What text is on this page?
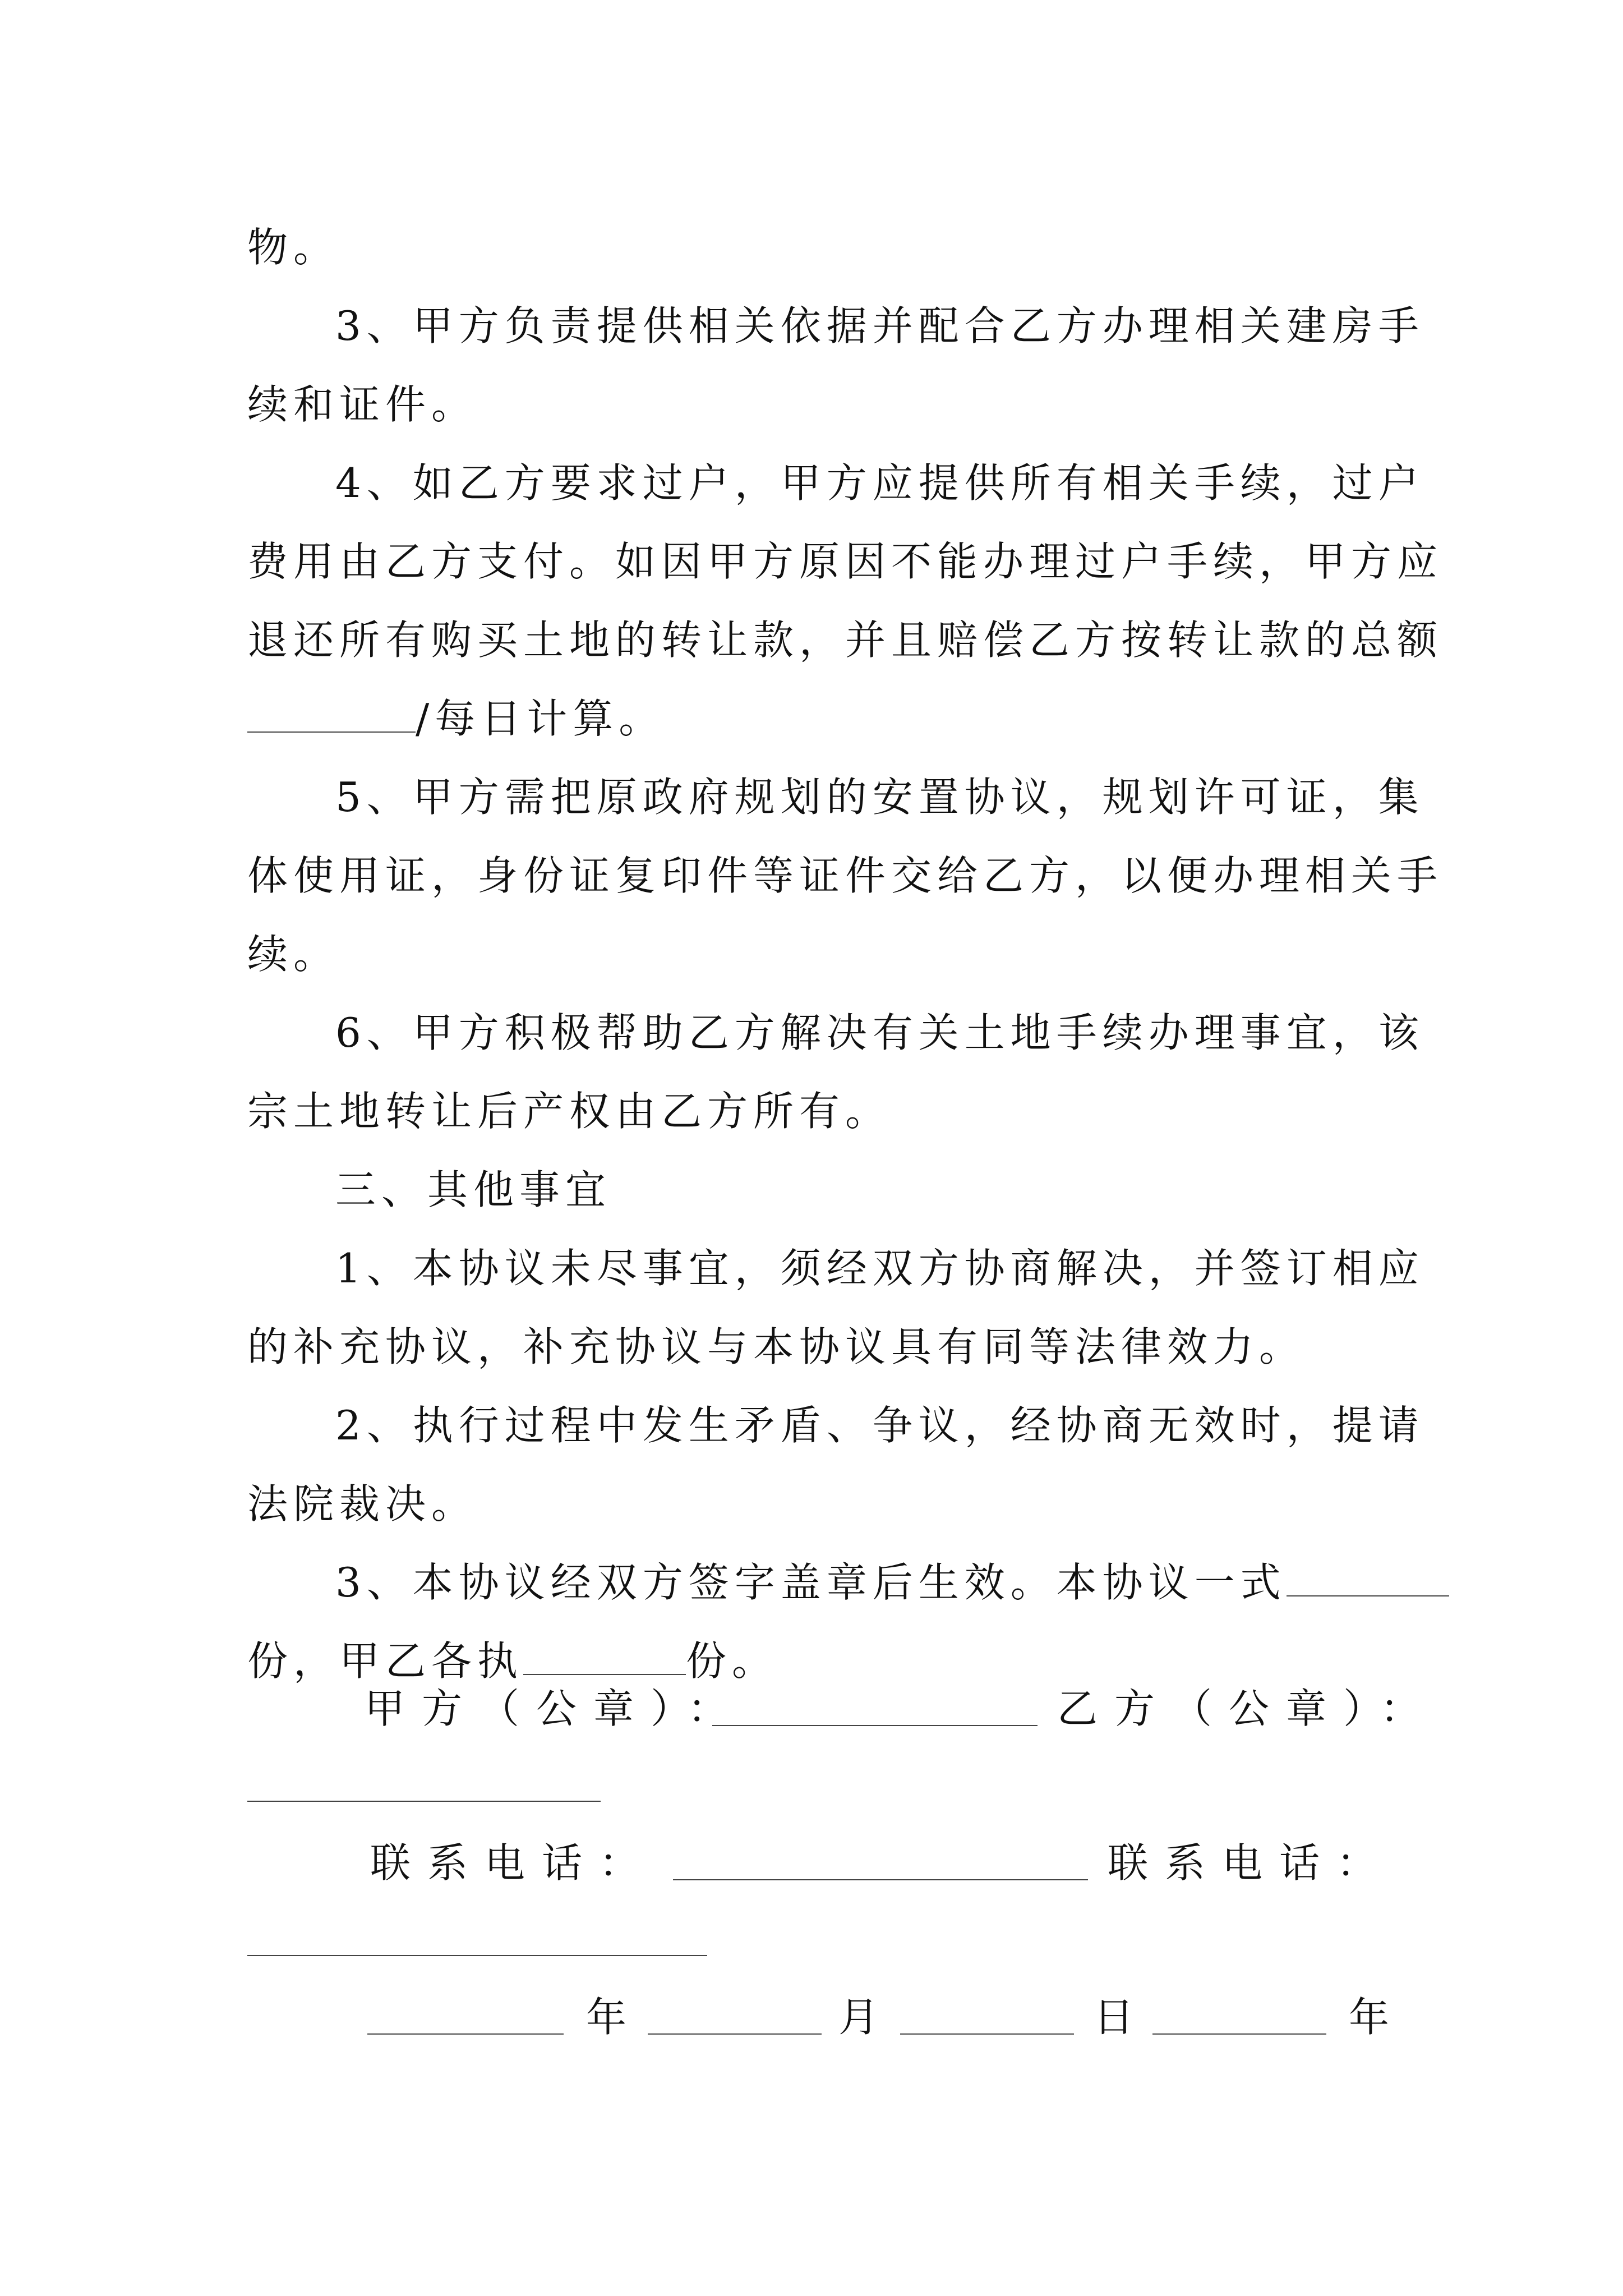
物。
3、甲方负责提供相关依据并配合乙方办理相关建房手
续和证件。
4、如乙方要求过户，甲方应提供所有相关手续，过户
费用由乙方支付。如因甲方原因不能办理过户手续，甲方应
退还所有购买土地的转让款，并且赔偿乙方按转让款的总额
/每日计算。
5、甲方需把原政府规划的安置协议，规划许可证，集
体使用证，身份证复印件等证件交给乙方，以便办理相关手
续。
6、甲方积极帮助乙方解决有关土地手续办理事宜，该
宗土地转让后产权由乙方所有。
三、其他事宜
1、本协议未尽事宜，须经双方协商解决，并签订相应
的补充协议，补充协议与本协议具有同等法律效力。
2、执行过程中发生矛盾、争议，经协商无效时，提请
法院裁决。
3、本协议经双方签字盖章后生效。本协议一式
份，甲乙各执	份。
甲方（公章）：	乙方（公章）：
联系电话：	联系电话：
年	月	日	年
